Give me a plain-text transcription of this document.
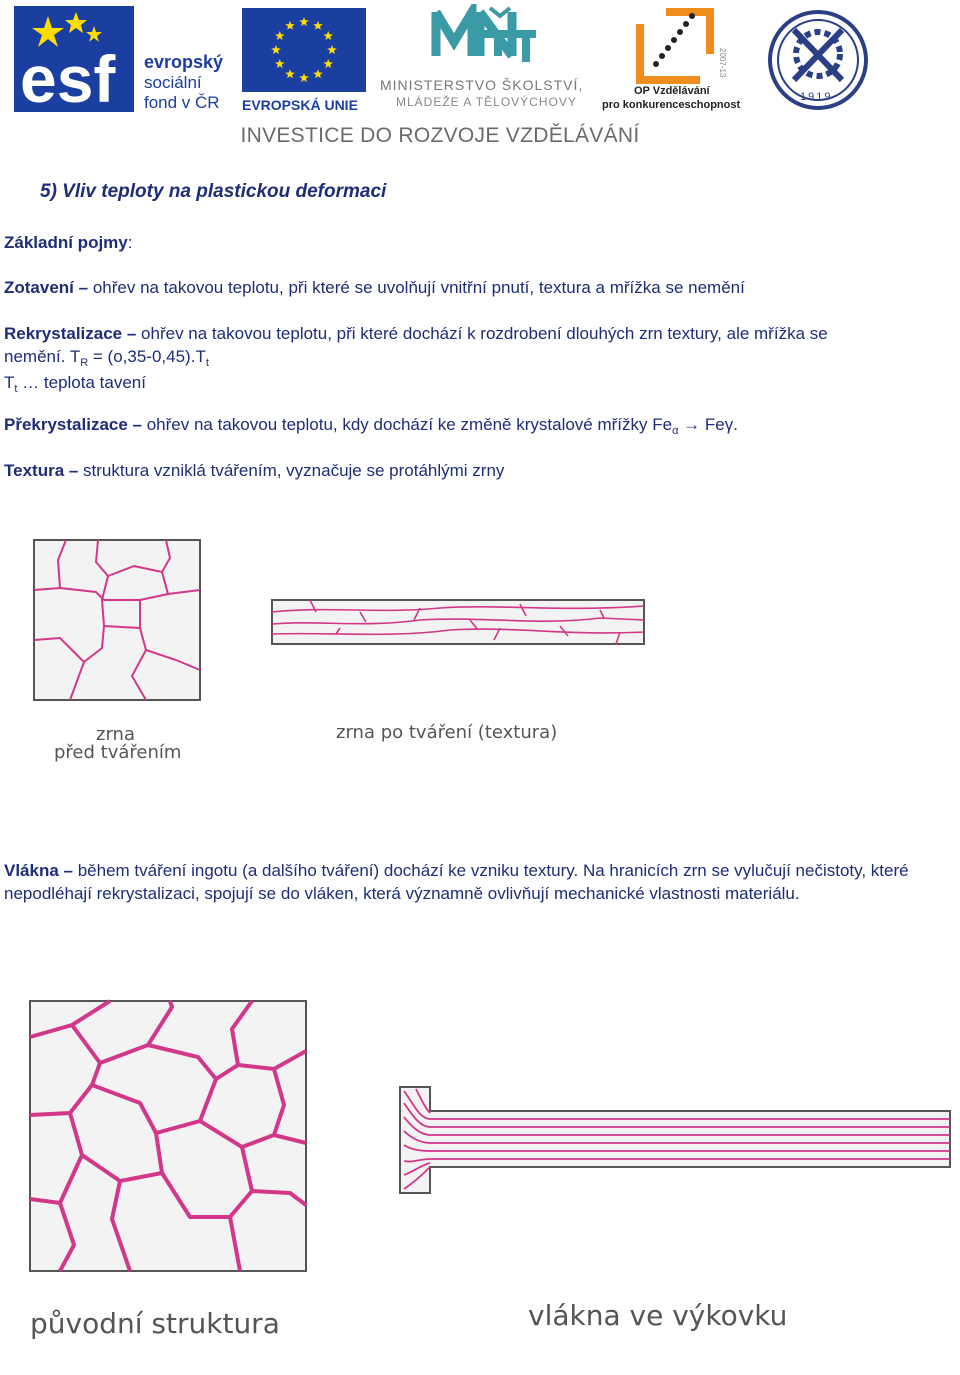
esf evropský
sociální
fond v ČR EVROPSKÁ UNIE
MINISTERSTVO ŠKOLSTVÍ,
MLÁDEŽE A TĚLOVÝCHOVY
2007-13
OP Vzdělávání
pro konkurenceschopnost
1919
INVESTICE DO ROZVOJE VZDĚLÁVÁNÍ
5) Vliv teploty na plastickou deformaci
Základní pojmy:
Zotavení – ohřev na takovou teplotu, při které se uvolňují vnitřní pnutí, textura a mřížka se nemění
Rekrystalizace – ohřev na takovou teplotu, při které dochází k rozdrobení dlouhých zrn textury, ale mřížka se nemění. $T_R = (o,35-0,45).T_t$
$T_t$ … teplota tavení
Překrystalizace – ohřev na takovou teplotu, kdy dochází ke změně krystalové mřížky $Fe_\alpha \to Fe\gamma$.
Textura – struktura vzniklá tvářením, vyznačuje se protáhlými zrny
zrna
před tvářením
zrna po tváření (textura)
Vlákna – během tváření ingotu (a dalšího tváření) dochází ke vzniku textury. Na hranicích zrn se vylučují nečistoty, které nepodléhají rekrystalizaci, spojují se do vláken, která významně ovlivňují mechanické vlastnosti materiálu.
původní struktura	vlákna ve výkovku
